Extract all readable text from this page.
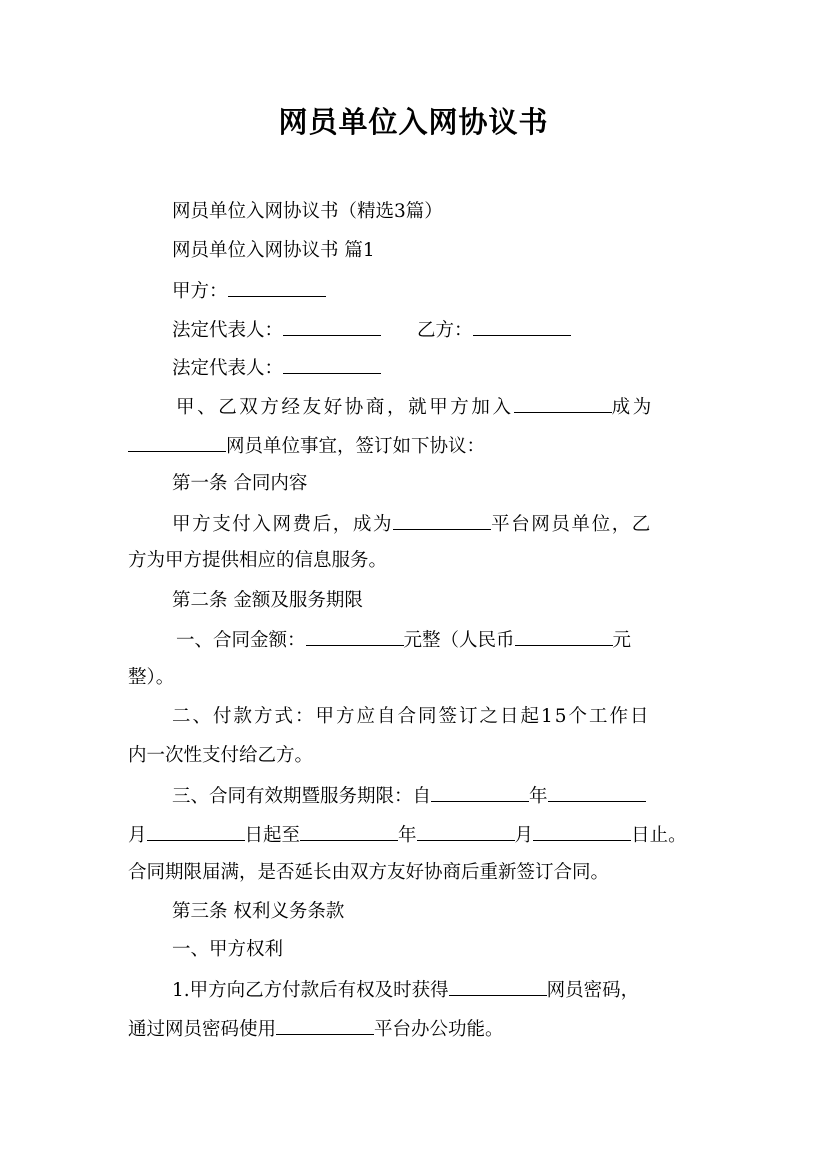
网员单位入网协议书
网员单位入网协议书（精选3篇）
网员单位入网协议书 篇1
甲方：
法定代表人：	乙方：
法定代表人：
甲、乙双方经友好协商，就甲方加入	成为
网员单位事宜，签订如下协议：
第一条 合同内容
甲方支付入网费后，成为	平台网员单位，乙
方为甲方提供相应的信息服务。
第二条 金额及服务期限
一、合同金额：	元整（人民币	元
整）。
二、付款方式：甲方应自合同签订之日起15个工作日
内一次性支付给乙方。
三、合同有效期暨服务期限：自	年
月	日起至	年	月	日止。
合同期限届满，是否延长由双方友好协商后重新签订合同。
第三条 权利义务条款
一、甲方权利
1.甲方向乙方付款后有权及时获得	网员密码，
通过网员密码使用	平台办公功能。
